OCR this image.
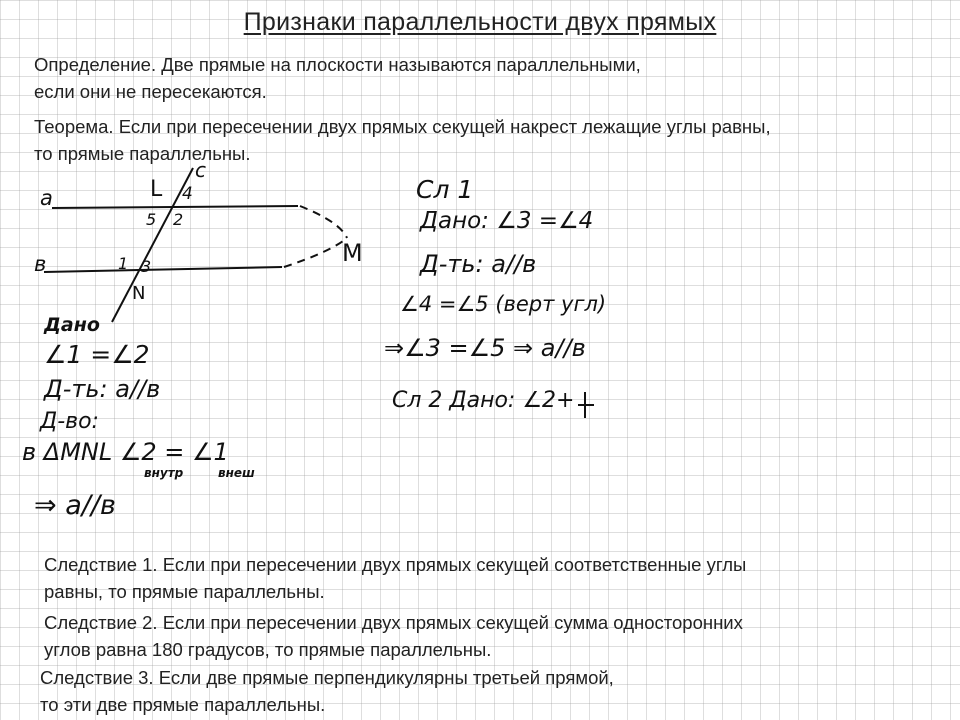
Признаки параллельности двух прямых
Определение. Две прямые на плоскости называются параллельными,
если они не пересекаются.
Теорема. Если при пересечении двух прямых секущей накрест лежащие углы равны,
то прямые параллельны.
a
в
L
c
4
5 2
1 3
N
M
Дано
∠1 =∠2
Д-ть: a//в
Д-во:
в ΔMNL ∠2 = ∠1
внутр	внеш
⇒ a//в
Сл 1
Дано: ∠3 =∠4
Д-ть: a//в
∠4 =∠5 (верт угл)
⇒∠3 =∠5 ⇒ a//в
Сл 2 Дано: ∠2+
Следствие 1. Если при пересечении двух прямых секущей соответственные углы
равны, то прямые параллельны.
Следствие 2. Если при пересечении двух прямых секущей сумма односторонних
углов равна 180 градусов, то прямые параллельны.
Следствие 3. Если две прямые перпендикулярны третьей прямой,
то эти две прямые параллельны.
